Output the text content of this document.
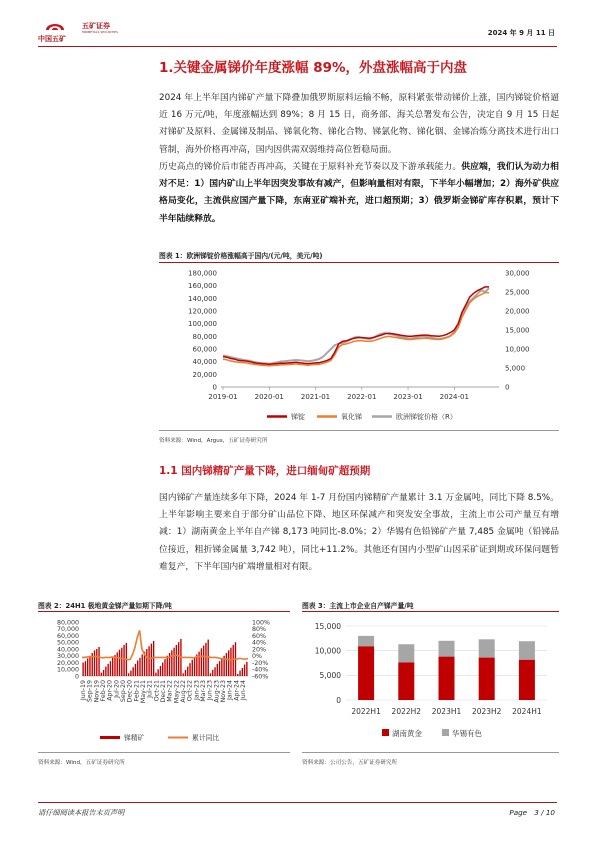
中国五矿
五矿证券
MINMETALS SECURITIES	2024 年 9 月 11 日
1.关键金属锑价年度涨幅 89%，外盘涨幅高于内盘
2024 年上半年国内锑矿产量下降叠加俄罗斯原料运输不畅，原料紧张带动锑价上涨，国内锑锭价格逼近 16 万元/吨，年度涨幅达到 89%；8 月 15 日，商务部、海关总署发布公告，决定自 9 月 15 日起对锑矿及原料、金属锑及制品、锑氧化物、锑化合物、锑氯化物、锑化铟、金锑冶炼分离技术进行出口管制，海外价格再冲高，国内因供需双弱维持高位暂稳局面。
历史高点的锑价后市能否再冲高，关键在于原料补充节奏以及下游承载能力。供应端，我们认为动力相对不足：1）国内矿山上半年因突发事故有减产，但影响量相对有限，下半年小幅增加；2）海外矿供应格局变化，主流供应国产量下降，东南亚矿端补充，进口超预期；3）俄罗斯金锑矿库存积累，预计下半年陆续释放。
图表 1：欧洲锑锭价格涨幅高于国内/(元/吨，美元/吨)
0
20,000
40,000
60,000
80,000
100,000
120,000
140,000
160,000
180,000
0
5,000
10,000
15,000
20,000
25,000
30,000
2019-01 2020-01 2021-01 2022-01 2023-01 2024-01
锑锭	氧化锑	欧洲锑锭价格（R）
资料来源：Wind，Argus，五矿证券研究所
1.1 国内锑精矿产量下降，进口缅甸矿超预期
国内锑矿产量连续多年下降，2024 年 1-7 月份国内锑精矿产量累计 3.1 万金属吨，同比下降 8.5%。上半年影响主要来自于部分矿山品位下降、地区环保减产和突发安全事故，主流上市公司产量互有增减：1）湖南黄金上半年自产锑 8,173 吨同比-8.0%；2）华锡有色铅锑矿产量 7,485 金属吨（铅锑品位接近，粗折锑金属量 3,742 吨），同比+11.2%。其他还有国内小型矿山因采矿证到期或环保问题暂难复产，下半年国内矿端增量相对有限。
图表 2：24H1 极地黄金锑产量如期下降/吨
0
10,000
20,000
30,000
40,000
50,000
60,000
70,000
80,000
-60%
-40%
-20%
0%
20%
40%
60%
80%
100%
Jun-19 Sep-19 Nov-19 Feb-20 Apr-20 Jul-20 Sep-20 Dec-20 Feb-21 May-21 Jul-21 Oct-21 Dec-21 Mar-22 May-22 Aug-22 Oct-22 Jan-23 Mar-23 Jun-23 Aug-23 Nov-23 Jan-24 Apr-24 Jun-24
锑精矿	累计同比
资料来源：Wind，五矿证券研究所
图表 3：主流上市企业自产锑产量/吨
0
5,000
10,000
15,000
2022H1 2022H2 2023H1 2023H2 2024H1
湖南黄金	华锡有色
资料来源：公司公告，五矿证券研究所
请仔细阅读本报告末页声明	Page　3 / 10
